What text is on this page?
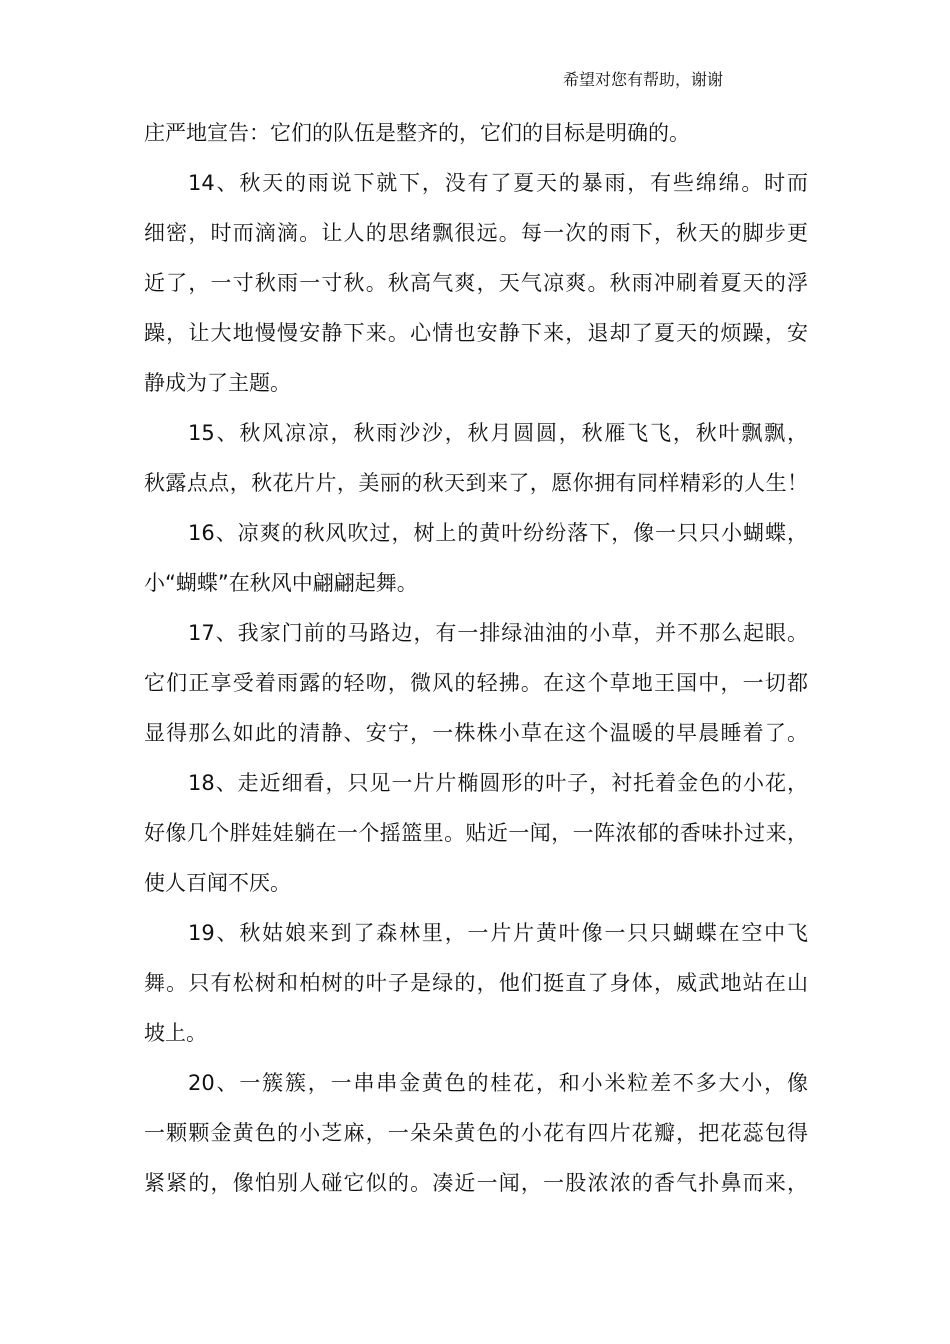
希望对您有帮助，谢谢
庄严地宣告：它们的队伍是整齐的，它们的目标是明确的。
14、秋天的雨说下就下，没有了夏天的暴雨，有些绵绵。时而
细密，时而滴滴。让人的思绪飘很远。每一次的雨下，秋天的脚步更
近了，一寸秋雨一寸秋。秋高气爽，天气凉爽。秋雨冲刷着夏天的浮
躁，让大地慢慢安静下来。心情也安静下来，退却了夏天的烦躁，安
静成为了主题。
15、秋风凉凉，秋雨沙沙，秋月圆圆，秋雁飞飞，秋叶飘飘，
秋露点点，秋花片片，美丽的秋天到来了，愿你拥有同样精彩的人生！
16、凉爽的秋风吹过，树上的黄叶纷纷落下，像一只只小蝴蝶，
小“蝴蝶”在秋风中翩翩起舞。
17、我家门前的马路边，有一排绿油油的小草，并不那么起眼。
它们正享受着雨露的轻吻，微风的轻拂。在这个草地王国中，一切都
显得那么如此的清静、安宁，一株株小草在这个温暖的早晨睡着了。
18、走近细看，只见一片片椭圆形的叶子，衬托着金色的小花，
好像几个胖娃娃躺在一个摇篮里。贴近一闻，一阵浓郁的香味扑过来，
使人百闻不厌。
19、秋姑娘来到了森林里，一片片黄叶像一只只蝴蝶在空中飞
舞。只有松树和柏树的叶子是绿的，他们挺直了身体，威武地站在山
坡上。
20、一簇簇，一串串金黄色的桂花，和小米粒差不多大小，像
一颗颗金黄色的小芝麻，一朵朵黄色的小花有四片花瓣，把花蕊包得
紧紧的，像怕别人碰它似的。凑近一闻，一股浓浓的香气扑鼻而来，
